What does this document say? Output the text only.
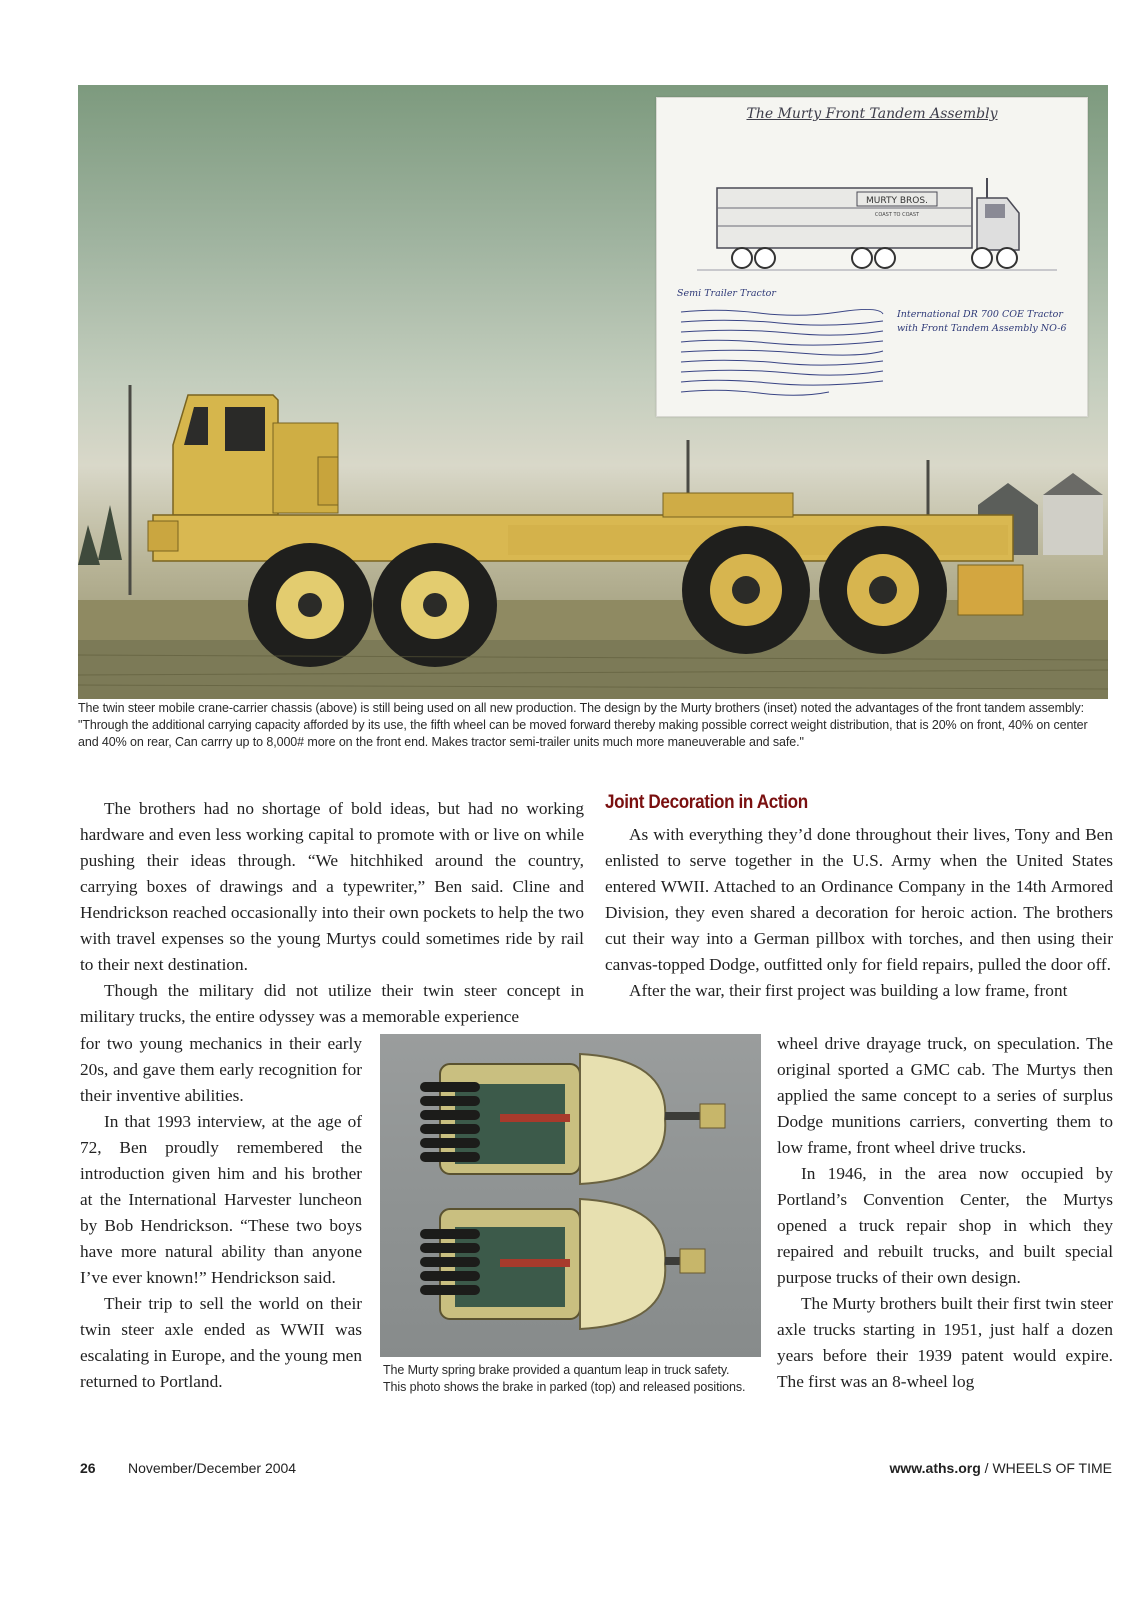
The Murty Front Tandem Assembly
MURTY BROS.
COAST TO COAST
Semi Trailer Tractor
International DR 700 COE Tractor with Front Tandem Assembly NO-6
The twin steer mobile crane-carrier chassis (above) is still being used on all new production. The design by the Murty brothers (inset) noted the advantages of the front tandem assembly: "Through the additional carrying capacity afforded by its use, the fifth wheel can be moved forward thereby making possible correct weight distribution, that is 20% on front, 40% on center and 40% on rear, Can carrry up to 8,000# more on the front end. Makes tractor semi-trailer units much more maneuverable and safe."

The brothers had no shortage of bold ideas, but had no working hardware and even less working capital to promote with or live on while pushing their ideas through. “We hitchhiked around the country, carrying boxes of drawings and a typewriter,” Ben said. Cline and Hendrickson reached occasionally into their own pockets to help the two with travel expenses so the young Murtys could sometimes ride by rail to their next destination.

Though the military did not utilize their twin steer concept in military trucks, the entire odyssey was a memorable experience

for two young mechanics in their early 20s, and gave them early recognition for their inventive abilities.

In that 1993 interview, at the age of 72, Ben proudly remembered the introduction given him and his brother at the International Harvester luncheon by Bob Hendrickson. “These two boys have more natural ability than anyone I’ve ever known!” Hendrickson said.

Their trip to sell the world on their twin steer axle ended as WWII was escalating in Europe, and the young men returned to Portland.

Joint Decoration in Action

As with everything they’d done throughout their lives, Tony and Ben enlisted to serve together in the U.S. Army when the United States entered WWII. Attached to an Ordinance Company in the 14th Armored Division, they even shared a decoration for heroic action. The brothers cut their way into a German pillbox with torches, and then using their canvas-topped Dodge, outfitted only for field repairs, pulled the door off.

After the war, their first project was building a low frame, front

wheel drive drayage truck, on speculation. The original sported a GMC cab. The Murtys then applied the same concept to a series of surplus Dodge munitions carriers, converting them to low frame, front wheel drive trucks.

In 1946, in the area now occupied by Portland’s Convention Center, the Murtys opened a truck repair shop in which they repaired and rebuilt trucks, and built special purpose trucks of their own design.

The Murty brothers built their first twin steer axle trucks starting in 1951, just half a dozen years before their 1939 patent would expire. The first was an 8-wheel log

The Murty spring brake provided a quantum leap in truck safety. This photo shows the brake in parked (top) and released positions.
26 November/December 2004	www.aths.org / WHEELS OF TIME
